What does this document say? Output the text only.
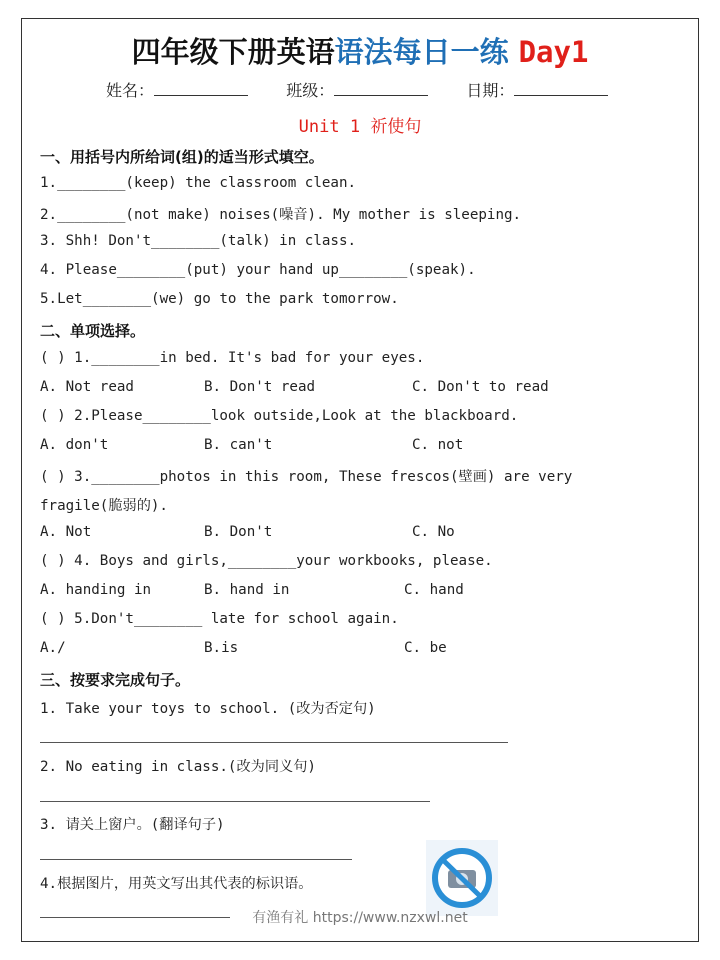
四年级下册英语语法每日一练 Day1
姓名：	班级：	日期：
Unit 1 祈使句
一、用括号内所给词(组)的适当形式填空。
1.________(keep) the classroom clean.
2.________(not make) noises(噪音). My mother is sleeping.
3. Shh! Don't________(talk) in class.
4. Please________(put) your hand up________(speak).
5.Let________(we) go to the park tomorrow.
二、单项选择。
( ) 1.________in bed. It's bad for your eyes.
A. Not read	B. Don't read	C. Don't to read
( ) 2.Please________look outside,Look at the blackboard.
A. don't	B. can't	C. not
( ) 3.________photos in this room, These frescos(壁画) are very
fragile(脆弱的).
A. Not	B. Don't	C. No
( ) 4. Boys and girls,________your workbooks, please.
A. handing in	B. hand in	C. hand
( ) 5.Don't________ late for school again.
A./	B.is	C. be
三、按要求完成句子。
1. Take your toys to school. (改为否定句)
2. No eating in class.(改为同义句)
3. 请关上窗户。(翻译句子)
4.根据图片，用英文写出其代表的标识语。
有渔有礼 https://www.nzxwl.net
